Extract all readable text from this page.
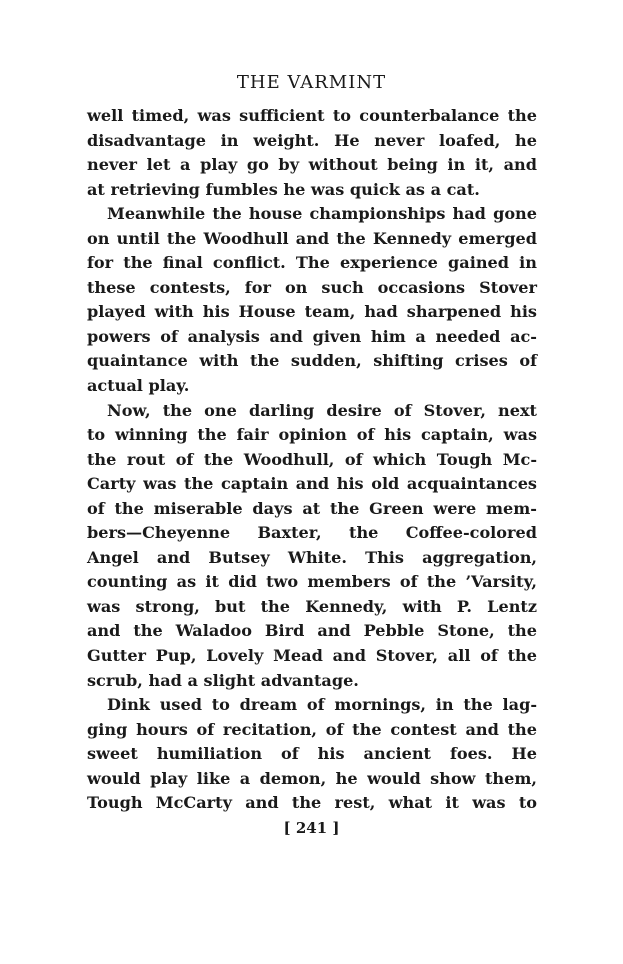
THE VARMINT
well timed, was sufficient to counterbalance the
disadvantage in weight. He never loafed, he
never let a play go by without being in it, and
at retrieving fumbles he was quick as a cat.
Meanwhile the house championships had gone
on until the Woodhull and the Kennedy emerged
for the final conflict. The experience gained in
these contests, for on such occasions Stover
played with his House team, had sharpened his
powers of analysis and given him a needed ac-
quaintance with the sudden, shifting crises of
actual play.
Now, the one darling desire of Stover, next
to winning the fair opinion of his captain, was
the rout of the Woodhull, of which Tough Mc-
Carty was the captain and his old acquaintances
of the miserable days at the Green were mem-
bers—Cheyenne Baxter, the Coffee-colored
Angel and Butsey White. This aggregation,
counting as it did two members of the ’Varsity,
was strong, but the Kennedy, with P. Lentz
and the Waladoo Bird and Pebble Stone, the
Gutter Pup, Lovely Mead and Stover, all of the
scrub, had a slight advantage.
Dink used to dream of mornings, in the lag-
ging hours of recitation, of the contest and the
sweet humiliation of his ancient foes. He
would play like a demon, he would show them,
Tough McCarty and the rest, what it was to
[ 241 ]
